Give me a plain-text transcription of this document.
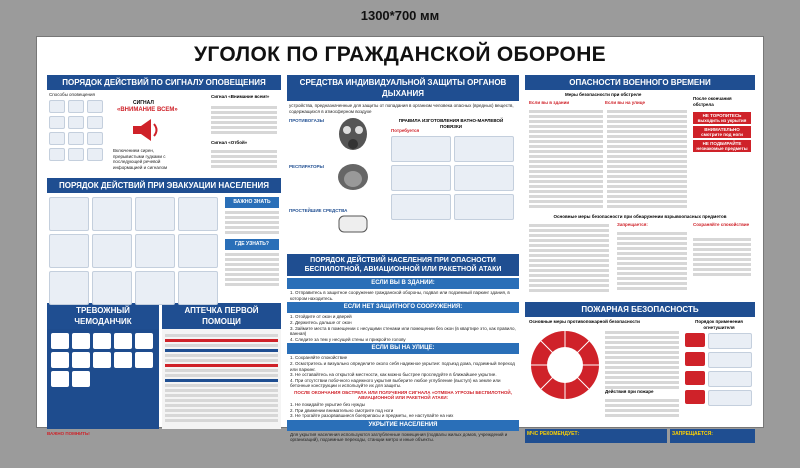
1300*700 мм
УГОЛОК ПО ГРАЖДАНСКОЙ ОБОРОНЕ
ПОРЯДОК ДЕЙСТВИЙ ПО СИГНАЛУ ОПОВЕЩЕНИЯ
Способы оповещения
СИГНАЛ
«ВНИМАНИЕ ВСЕМ»
Включением сирен, прерывистыми гудками с последующей речевой информацией и сигналом
Сигнал «Внимание всем!»
Сигнал «Отбой»
ПОРЯДОК ДЕЙСТВИЙ ПРИ ЭВАКУАЦИИ НАСЕЛЕНИЯ
ВАЖНО ЗНАТЬ
ГДЕ УЗНАТЬ?
ТРЕВОЖНЫЙ ЧЕМОДАНЧИК
ВАЖНО ПОМНИТЬ!
АПТЕЧКА ПЕРВОЙ ПОМОЩИ
СРЕДСТВА ИНДИВИДУАЛЬНОЙ ЗАЩИТЫ ОРГАНОВ ДЫХАНИЯ
устройства, предназначенные для защиты от попадания в организм человека опасных (вредных) веществ, содержащихся в атмосферном воздухе
ПРОТИВОГАЗЫ
РЕСПИРАТОРЫ
ПРОСТЕЙШИЕ СРЕДСТВА
ПРАВИЛА ИЗГОТОВЛЕНИЯ ВАТНО-МАРЛЕВОЙ ПОВЯЗКИ
Потребуется
ПОРЯДОК ДЕЙСТВИЙ НАСЕЛЕНИЯ ПРИ ОПАСНОСТИ БЕСПИЛОТНОЙ, АВИАЦИОННОЙ ИЛИ РАКЕТНОЙ АТАКИ
ЕСЛИ ВЫ В ЗДАНИИ:
1. Отправитесь в защитное сооружение гражданской обороны, подвал или подземный паркинг здания, в котором находитесь.
ЕСЛИ НЕТ ЗАЩИТНОГО СООРУЖЕНИЯ:
1. Отойдите от окон и дверей
2. Держитесь дальше от окон
3. Займите места в помещении с несущими стенами или помещении без окон (в квартире это, как правило, ванная)
4. Следите за тем у несущей стены и прикройте голову
ЕСЛИ ВЫ НА УЛИЦЕ:
1. Сохраняйте спокойствие
2. Осмотритесь и визуально определите около себя надежное укрытие: подъезд дома, подземный переход или паркинг.
3. Не оставайтесь на открытой местности, как можно быстрее проследуйте в ближайшее укрытие.
4. При отсутствии побочного надежного укрытия выберите любое углубление (выступ) на земле или бетонные конструкции и используйте их для защиты.
ПОСЛЕ ОКОНЧАНИЯ ОБСТРЕЛА ИЛИ ПОЛУЧЕНИЯ СИГНАЛА «ОТМЕНА УГРОЗЫ БЕСПИЛОТНОЙ, АВИАЦИОННОЙ ИЛИ РАКЕТНОЙ АТАКИ:
1. Не покидайте укрытие без нужды
2. При движении внимательно смотрите под ноги
3. Не трогайте разорвавшиеся боеприпасы и предметы, не наступайте на них
УКРЫТИЕ НАСЕЛЕНИЯ
Для укрытия населения используются заглубленные помещения (подвалы жилых домов, учреждений и организаций), подземные переходы, станции метро и иные объекты.
ОПАСНОСТИ ВОЕННОГО ВРЕМЕНИ
Меры безопасности при обстреле
Если вы в здании	Если вы на улице
После окончания обстрела
НЕ ТОРОПИТЕСЬ выходить из укрытия
ВНИМАТЕЛЬНО смотрите под ноги
НЕ ПОДБИРАЙТЕ незнакомые предметы
Основные меры безопасности при обнаружении взрывоопасных предметов
Запрещается:	Сохраняйте спокойствие
ПОЖАРНАЯ БЕЗОПАСНОСТЬ
Основные меры противопожарной безопасности
Действия при пожаре
Порядок применения огнетушителя
МЧС РЕКОМЕНДУЕТ:	ЗАПРЕЩАЕТСЯ:
